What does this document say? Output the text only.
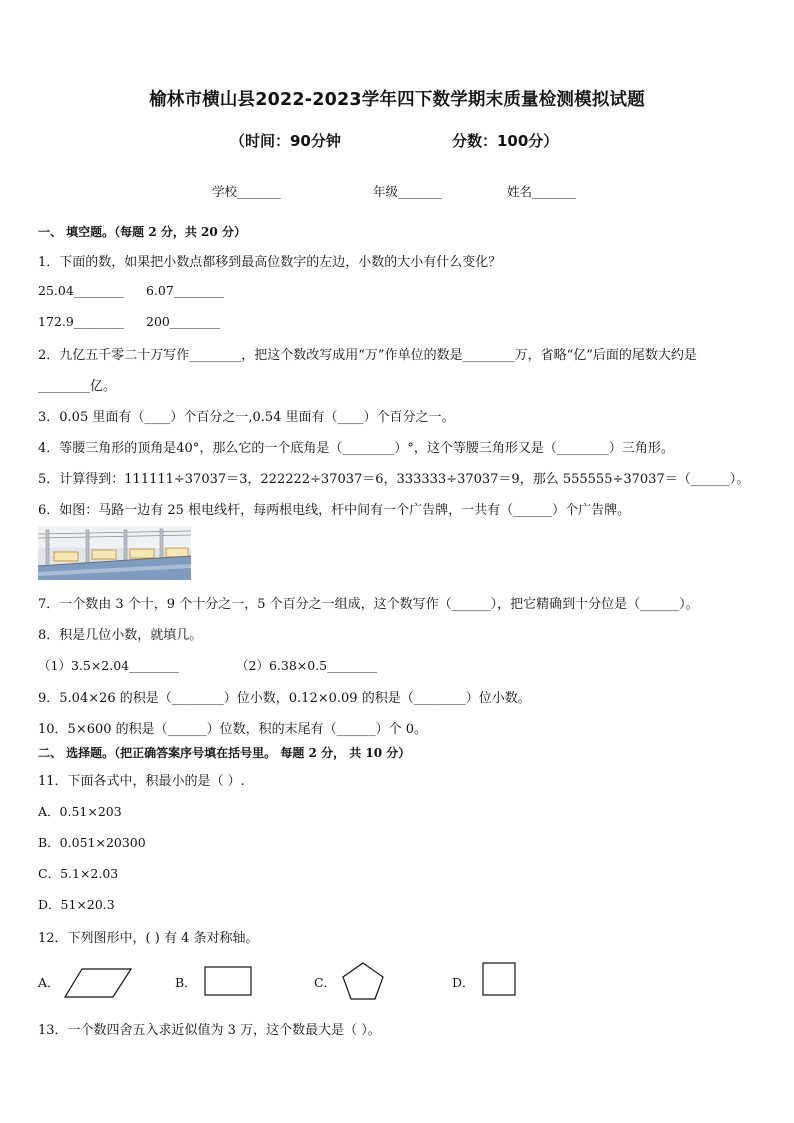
榆林市横山县2022-2023学年四下数学期末质量检测模拟试题
（时间：90分钟	分数：100分）
学校_______	年级_______	姓名_______
一、 填空题。（每题 2 分，共 20 分）
1．下面的数，如果把小数点都移到最高位数字的左边，小数的大小有什么变化？
25.04________ 6.07________
172.9________ 200________
2．九亿五千零二十万写作________，把这个数改写成用“万”作单位的数是________万，省略“亿”后面的尾数大约是
________亿。
3．0.05 里面有（____）个百分之一,0.54 里面有（____）个百分之一。
4．等腰三角形的顶角是40°，那么它的一个底角是（________）°，这个等腰三角形又是（________）三角形。
5．计算得到：111111÷37037＝3，222222÷37037＝6，333333÷37037＝9，那么 555555÷37037＝（______）。
6．如图：马路一边有 25 根电线杆，每两根电线，杆中间有一个广告牌，一共有（______）个广告牌。
7．一个数由 3 个十，9 个十分之一，5 个百分之一组成，这个数写作（______），把它精确到十分位是（______）。
8．积是几位小数，就填几。
（1）3.5×2.04________	（2）6.38×0.5________
9．5.04×26 的积是（________）位小数，0.12×0.09 的积是（________）位小数。
10．5×600 的积是（______）位数，积的末尾有（______）个 0。
二、 选择题。（把正确答案序号填在括号里。 每题 2 分， 共 10 分）
11．下面各式中，积最小的是（ ）.
A．0.51×203
B．0.051×20300
C．5.1×2.03
D．51×20.3
12．下列图形中，( ) 有 4 条对称轴。
A．	B．	C．	D．
13．一个数四舍五入求近似值为 3 万，这个数最大是（ ）。
